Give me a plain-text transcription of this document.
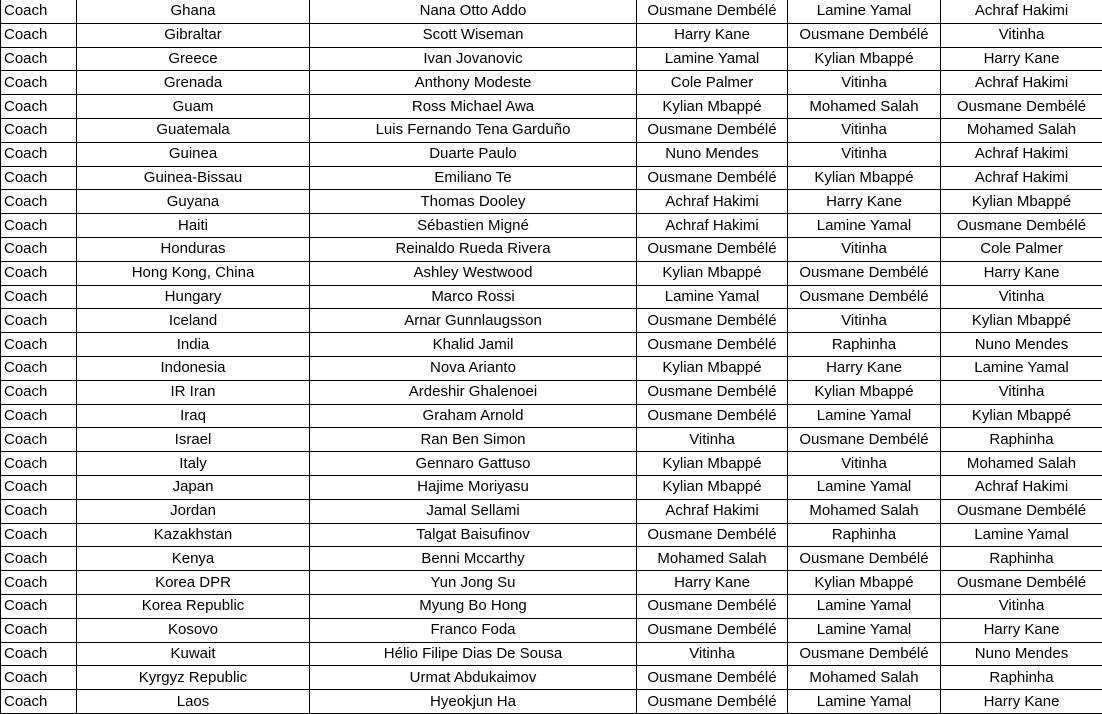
Coach	Ghana	Nana Otto Addo	Ousmane Dembélé	Lamine Yamal	Achraf Hakimi
Coach	Gibraltar	Scott Wiseman	Harry Kane	Ousmane Dembélé	Vitinha
Coach	Greece	Ivan Jovanovic	Lamine Yamal	Kylian Mbappé	Harry Kane
Coach	Grenada	Anthony Modeste	Cole Palmer	Vitinha	Achraf Hakimi
Coach	Guam	Ross Michael Awa	Kylian Mbappé	Mohamed Salah	Ousmane Dembélé
Coach	Guatemala	Luis Fernando Tena Garduño	Ousmane Dembélé	Vitinha	Mohamed Salah
Coach	Guinea	Duarte Paulo	Nuno Mendes	Vitinha	Achraf Hakimi
Coach	Guinea-Bissau	Emiliano Te	Ousmane Dembélé	Kylian Mbappé	Achraf Hakimi
Coach	Guyana	Thomas Dooley	Achraf Hakimi	Harry Kane	Kylian Mbappé
Coach	Haiti	Sébastien Migné	Achraf Hakimi	Lamine Yamal	Ousmane Dembélé
Coach	Honduras	Reinaldo Rueda Rivera	Ousmane Dembélé	Vitinha	Cole Palmer
Coach	Hong Kong, China	Ashley Westwood	Kylian Mbappé	Ousmane Dembélé	Harry Kane
Coach	Hungary	Marco Rossi	Lamine Yamal	Ousmane Dembélé	Vitinha
Coach	Iceland	Arnar Gunnlaugsson	Ousmane Dembélé	Vitinha	Kylian Mbappé
Coach	India	Khalid Jamil	Ousmane Dembélé	Raphinha	Nuno Mendes
Coach	Indonesia	Nova Arianto	Kylian Mbappé	Harry Kane	Lamine Yamal
Coach	IR Iran	Ardeshir Ghalenoei	Ousmane Dembélé	Kylian Mbappé	Vitinha
Coach	Iraq	Graham Arnold	Ousmane Dembélé	Lamine Yamal	Kylian Mbappé
Coach	Israel	Ran Ben Simon	Vitinha	Ousmane Dembélé	Raphinha
Coach	Italy	Gennaro Gattuso	Kylian Mbappé	Vitinha	Mohamed Salah
Coach	Japan	Hajime Moriyasu	Kylian Mbappé	Lamine Yamal	Achraf Hakimi
Coach	Jordan	Jamal Sellami	Achraf Hakimi	Mohamed Salah	Ousmane Dembélé
Coach	Kazakhstan	Talgat Baisufinov	Ousmane Dembélé	Raphinha	Lamine Yamal
Coach	Kenya	Benni Mccarthy	Mohamed Salah	Ousmane Dembélé	Raphinha
Coach	Korea DPR	Yun Jong Su	Harry Kane	Kylian Mbappé	Ousmane Dembélé
Coach	Korea Republic	Myung Bo Hong	Ousmane Dembélé	Lamine Yamal	Vitinha
Coach	Kosovo	Franco Foda	Ousmane Dembélé	Lamine Yamal	Harry Kane
Coach	Kuwait	Hélio Filipe Dias De Sousa	Vitinha	Ousmane Dembélé	Nuno Mendes
Coach	Kyrgyz Republic	Urmat Abdukaimov	Ousmane Dembélé	Mohamed Salah	Raphinha
Coach	Laos	Hyeokjun Ha	Ousmane Dembélé	Lamine Yamal	Harry Kane
